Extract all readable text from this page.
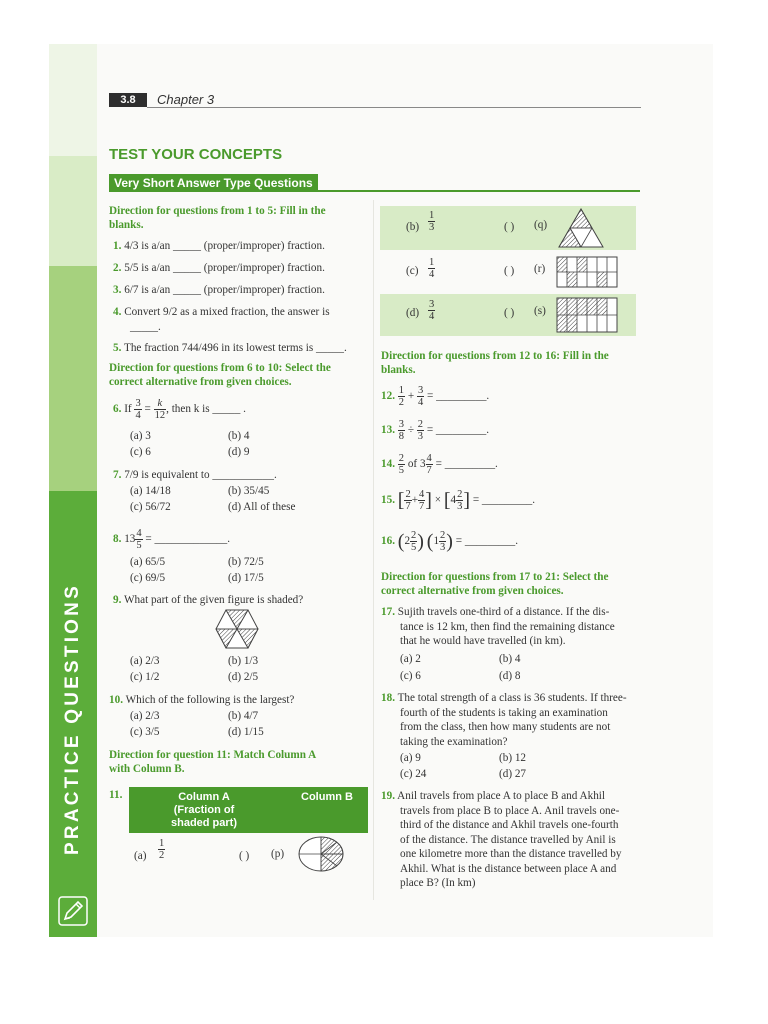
PRACTICE QUESTIONS
3.8	Chapter 3
TEST YOUR CONCEPTS
Very Short Answer Type Questions
Direction for questions from 1 to 5: Fill in the
blanks.
1. 4/3 is a/an _____ (proper/improper) fraction.
2. 5/5 is a/an _____ (proper/improper) fraction.
3. 6/7 is a/an _____ (proper/improper) fraction.
4. Convert 9/2 as a mixed fraction, the answer is
_____.
5. The fraction 744/496 in its lowest terms is _____.
Direction for questions from 6 to 10: Select the
correct alternative from given choices.
6. If $\frac{3}{4} = \frac{k}{12}$ , then k is _____ .
(a) 3	(b) 4
(c) 6	(d) 9
7. 7/9 is equivalent to ___________.
(a) 14/18	(b) 35/45
(c) 56/72	(d) All of these
8. $13 \frac{4}{5}$ = _____________.
(a) 65/5	(b) 72/5
(c) 69/5	(d) 17/5
9. What part of the given figure is shaded?
(a) 2/3	(b) 1/3
(c) 1/2	(d) 2/5
10. Which of the following is the largest?
(a) 2/3	(b) 4/7
(c) 3/5	(d) 1/15
Direction for question 11: Match Column A
with Column B.
11.	Column A
(Fraction of
shaded part)
Column B
$(a) \frac{1}{2}$	( ) (p)
$(b) \frac{1}{3}$	( ) (q)
$(c) \frac{1}{4}$	( ) (r)
$(d) \frac{3}{4}$	( ) (s)
Direction for questions from 12 to 16: Fill in the
blanks.
12. $\frac{1}{2} + \frac{3}{4}$ = _________.
13. $\frac{3}{8} \div \frac{2}{3}$ = _________.
14. $\frac{2}{5}$ of $3 \frac{4}{7}$ = _________.
15. [ $\frac{2}{7} + \frac{4}{7}$ ] × [$4 \frac{2}{3}$ ] = _________.
16. ($2 \frac{2}{5}$ ) ($1 \frac{2}{3}$ ) = _________.
Direction for questions from 17 to 21: Select the
correct alternative from given choices.
17. Sujith travels one-third of a distance. If the dis-
tance is 12 km, then find the remaining distance
that he would have travelled (in km).
(a) 2	(b) 4
(c) 6	(d) 8
18. The total strength of a class is 36 students. If three-
fourth of the students is taking an examination
from the class, then how many students are not
taking the examination?
(a) 9	(b) 12
(c) 24	(d) 27
19. Anil travels from place A to place B and Akhil
travels from place B to place A. Anil travels one-
third of the distance and Akhil travels one-fourth
of the distance. The distance travelled by Anil is
one kilometre more than the distance travelled by
Akhil. What is the distance between place A and
place B? (In km)
